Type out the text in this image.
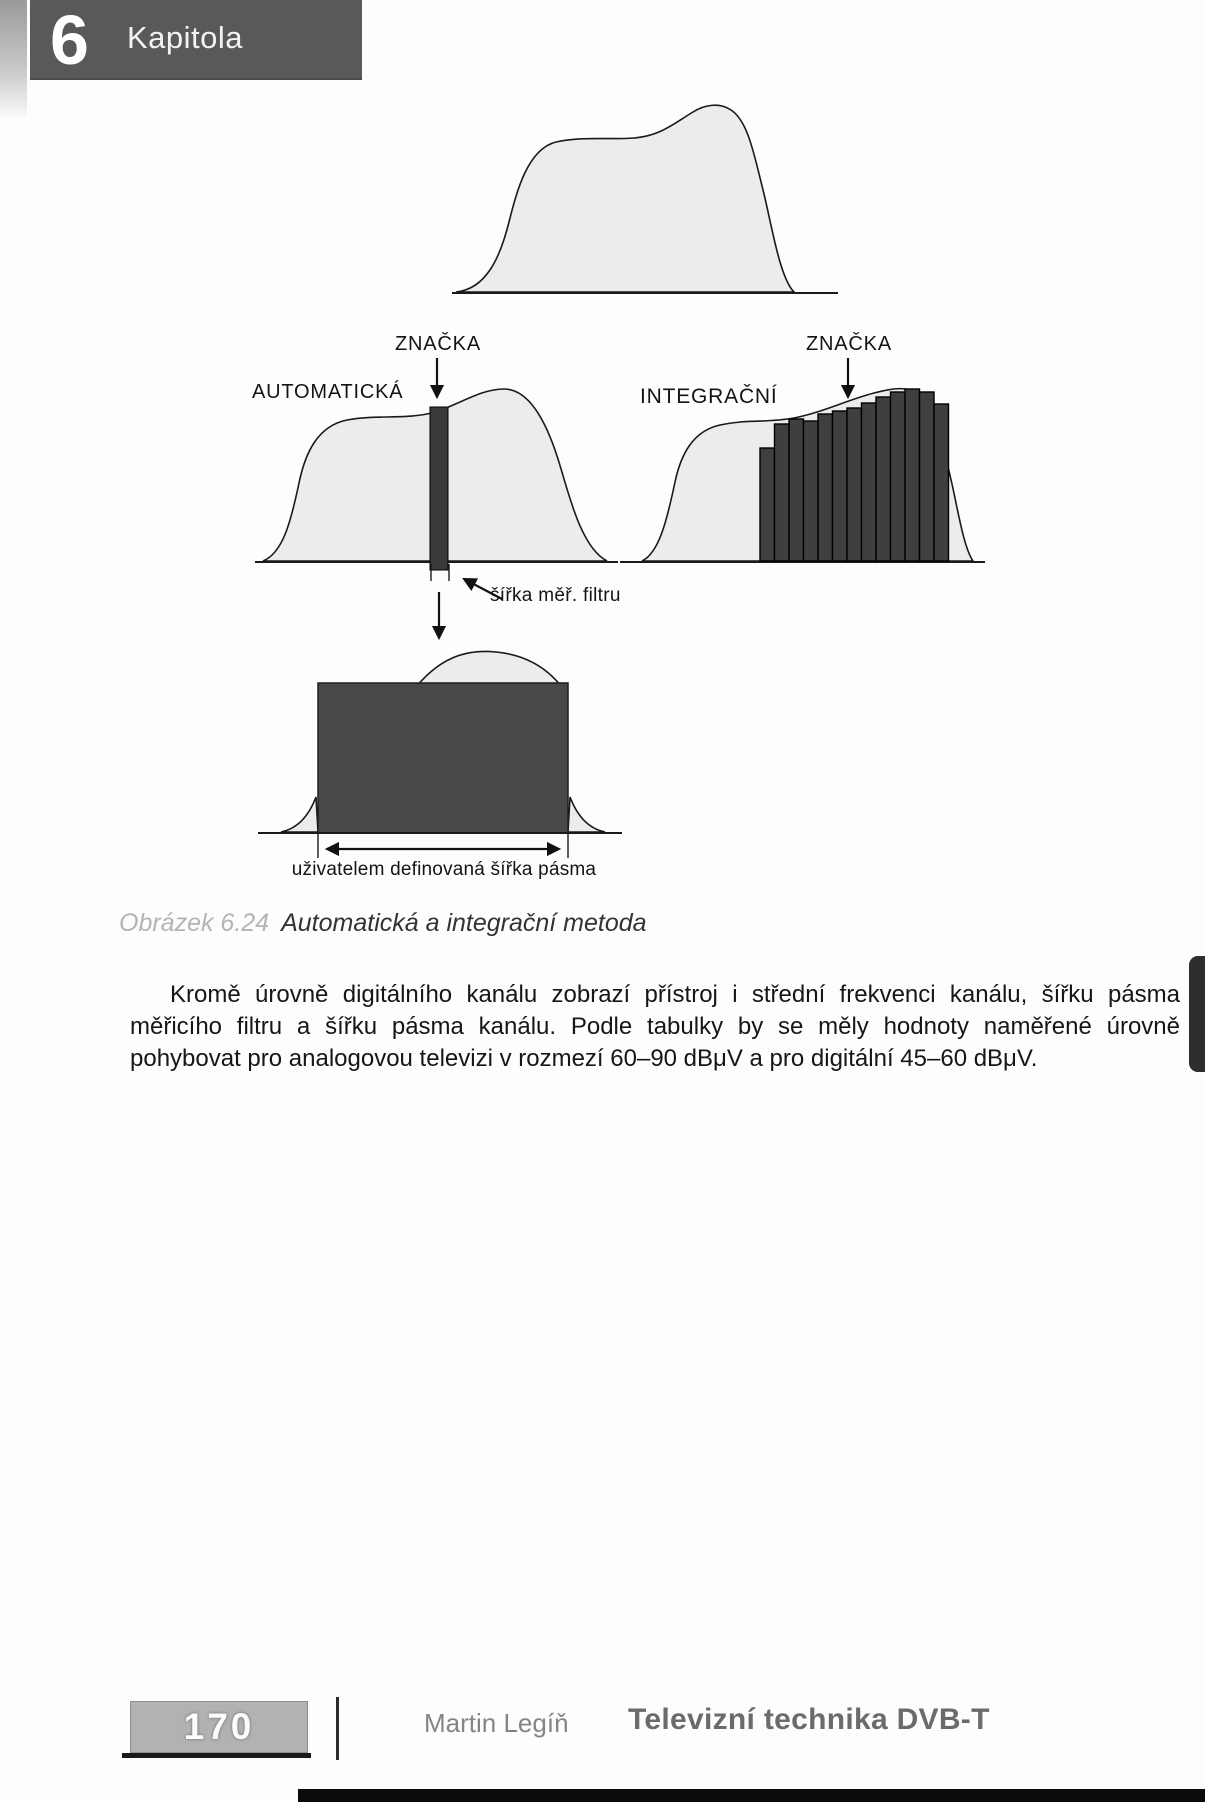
6 Kapitola
ZNAČKA
AUTOMATICKÁ
ZNAČKA
INTEGRAČNÍ
šířka měř. filtru
uživatelem definovaná šířka pásma
Obrázek 6.24 Automatická a integrační metoda
Kromě úrovně digitálního kanálu zobrazí přístroj i střední frekvenci kanálu, šířku pásma
měřicího filtru a šířku pásma kanálu. Podle tabulky by se měly hodnoty naměřené úrovně
pohybovat pro analogovou televizi v rozmezí 60–90 dBμV a pro digitální 45–60 dBμV.
170	Martin Legíň Televizní technika DVB-T
